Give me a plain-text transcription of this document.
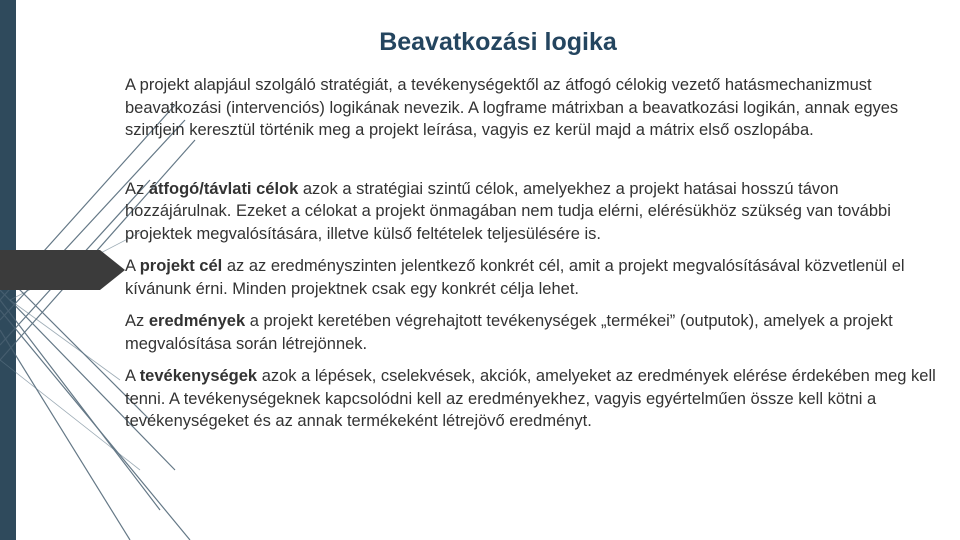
Beavatkozási logika

A projekt alapjául szolgáló stratégiát, a tevékenységektől az átfogó célokig vezető hatásmechanizmust beavatkozási (intervenciós) logikának nevezik. A logframe mátrixban a beavatkozási logikán, annak egyes szintjein keresztül történik meg a projekt leírása, vagyis ez kerül majd a mátrix első oszlopába.

Az átfogó/távlati célok azok a stratégiai szintű célok, amelyekhez a projekt hatásai hosszú távon hozzájárulnak. Ezeket a célokat a projekt önmagában nem tudja elérni, elérésükhöz szükség van további projektek megvalósítására, illetve külső feltételek teljesülésére is.

A projekt cél az az eredményszinten jelentkező konkrét cél, amit a projekt megvalósításával közvetlenül el kívánunk érni. Minden projektnek csak egy konkrét célja lehet.

Az eredmények a projekt keretében végrehajtott tevékenységek „termékei” (outputok), amelyek a projekt megvalósítása során létrejönnek.

A tevékenységek azok a lépések, cselekvések, akciók, amelyeket az eredmények elérése érdekében meg kell tenni. A tevékenységeknek kapcsolódni kell az eredményekhez, vagyis egyértelműen össze kell kötni a tevékenységeket és az annak termékeként létrejövő eredményt.
